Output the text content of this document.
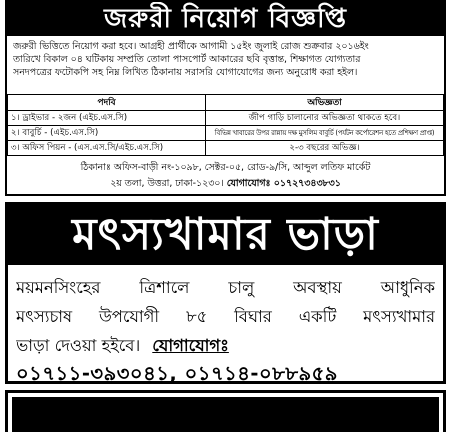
জরুরী নিয়োগ বিজ্ঞপ্তি
জরুরী ভিত্তিতে নিয়োগ করা হবে। আগ্রহী প্রার্থীকে আগামী ১৫ইং জুলাই রোজ শুক্রবার ২০১৬ইং
তারিখে বিকাল ০৪ ঘটিকায় সম্প্রতি তোলা পাসপোর্ট আকারের ছবি বৃত্তান্ত, শিক্ষাগত যোগ্যতার
সনদপত্রের ফটোকপি সহ নিম্ন লিখিত ঠিকানায় সরাসরি যোগাযোগের জন্য অনুরোধ করা হইল।
পদবি	অভিজ্ঞতা
১। ড্রাইভার - ২জন (এইচ.এস.সি)	জীপ গাড়ি চালানোর অভিজ্ঞতা থাকতে হবে।
২। বাবুর্চি - (এইচ.এস.সি)	বিভিন্ন খাবারের উপর রান্নায় দক্ষ মুসলিম বাবুর্চি (পর্যটন কর্পোরেশন হতে প্রশিক্ষণ প্রাপ্ত)
৩। অফিস পিয়ন - (এস.এস.সি/এইচ.এস.সি)	২-৩ বছরের অভিজ্ঞ।
ঠিকানাঃ অফিস-বাড়ী নং-১০৯৮, সেক্টর-০৫, রোড-৯/সি, আব্দুল লতিফ মার্কেট
২য় তলা, উত্তরা, ঢাকা-১২৩০। যোগাযোগঃ ০১৭২৭৩৪৩৮৩১
মৎস্যখামার ভাড়া
ময়মনসিংহের ত্রিশালে চালু অবস্থায় আধুনিক
মৎস্যচাষ উপযোগী ৮৫ বিঘার একটি মৎস্যখামার
ভাড়া দেওয়া হইবে। যোগাযোগঃ
০১৭১১-৩৯৩০৪১, ০১৭১৪-০৮৮৯৫৯
